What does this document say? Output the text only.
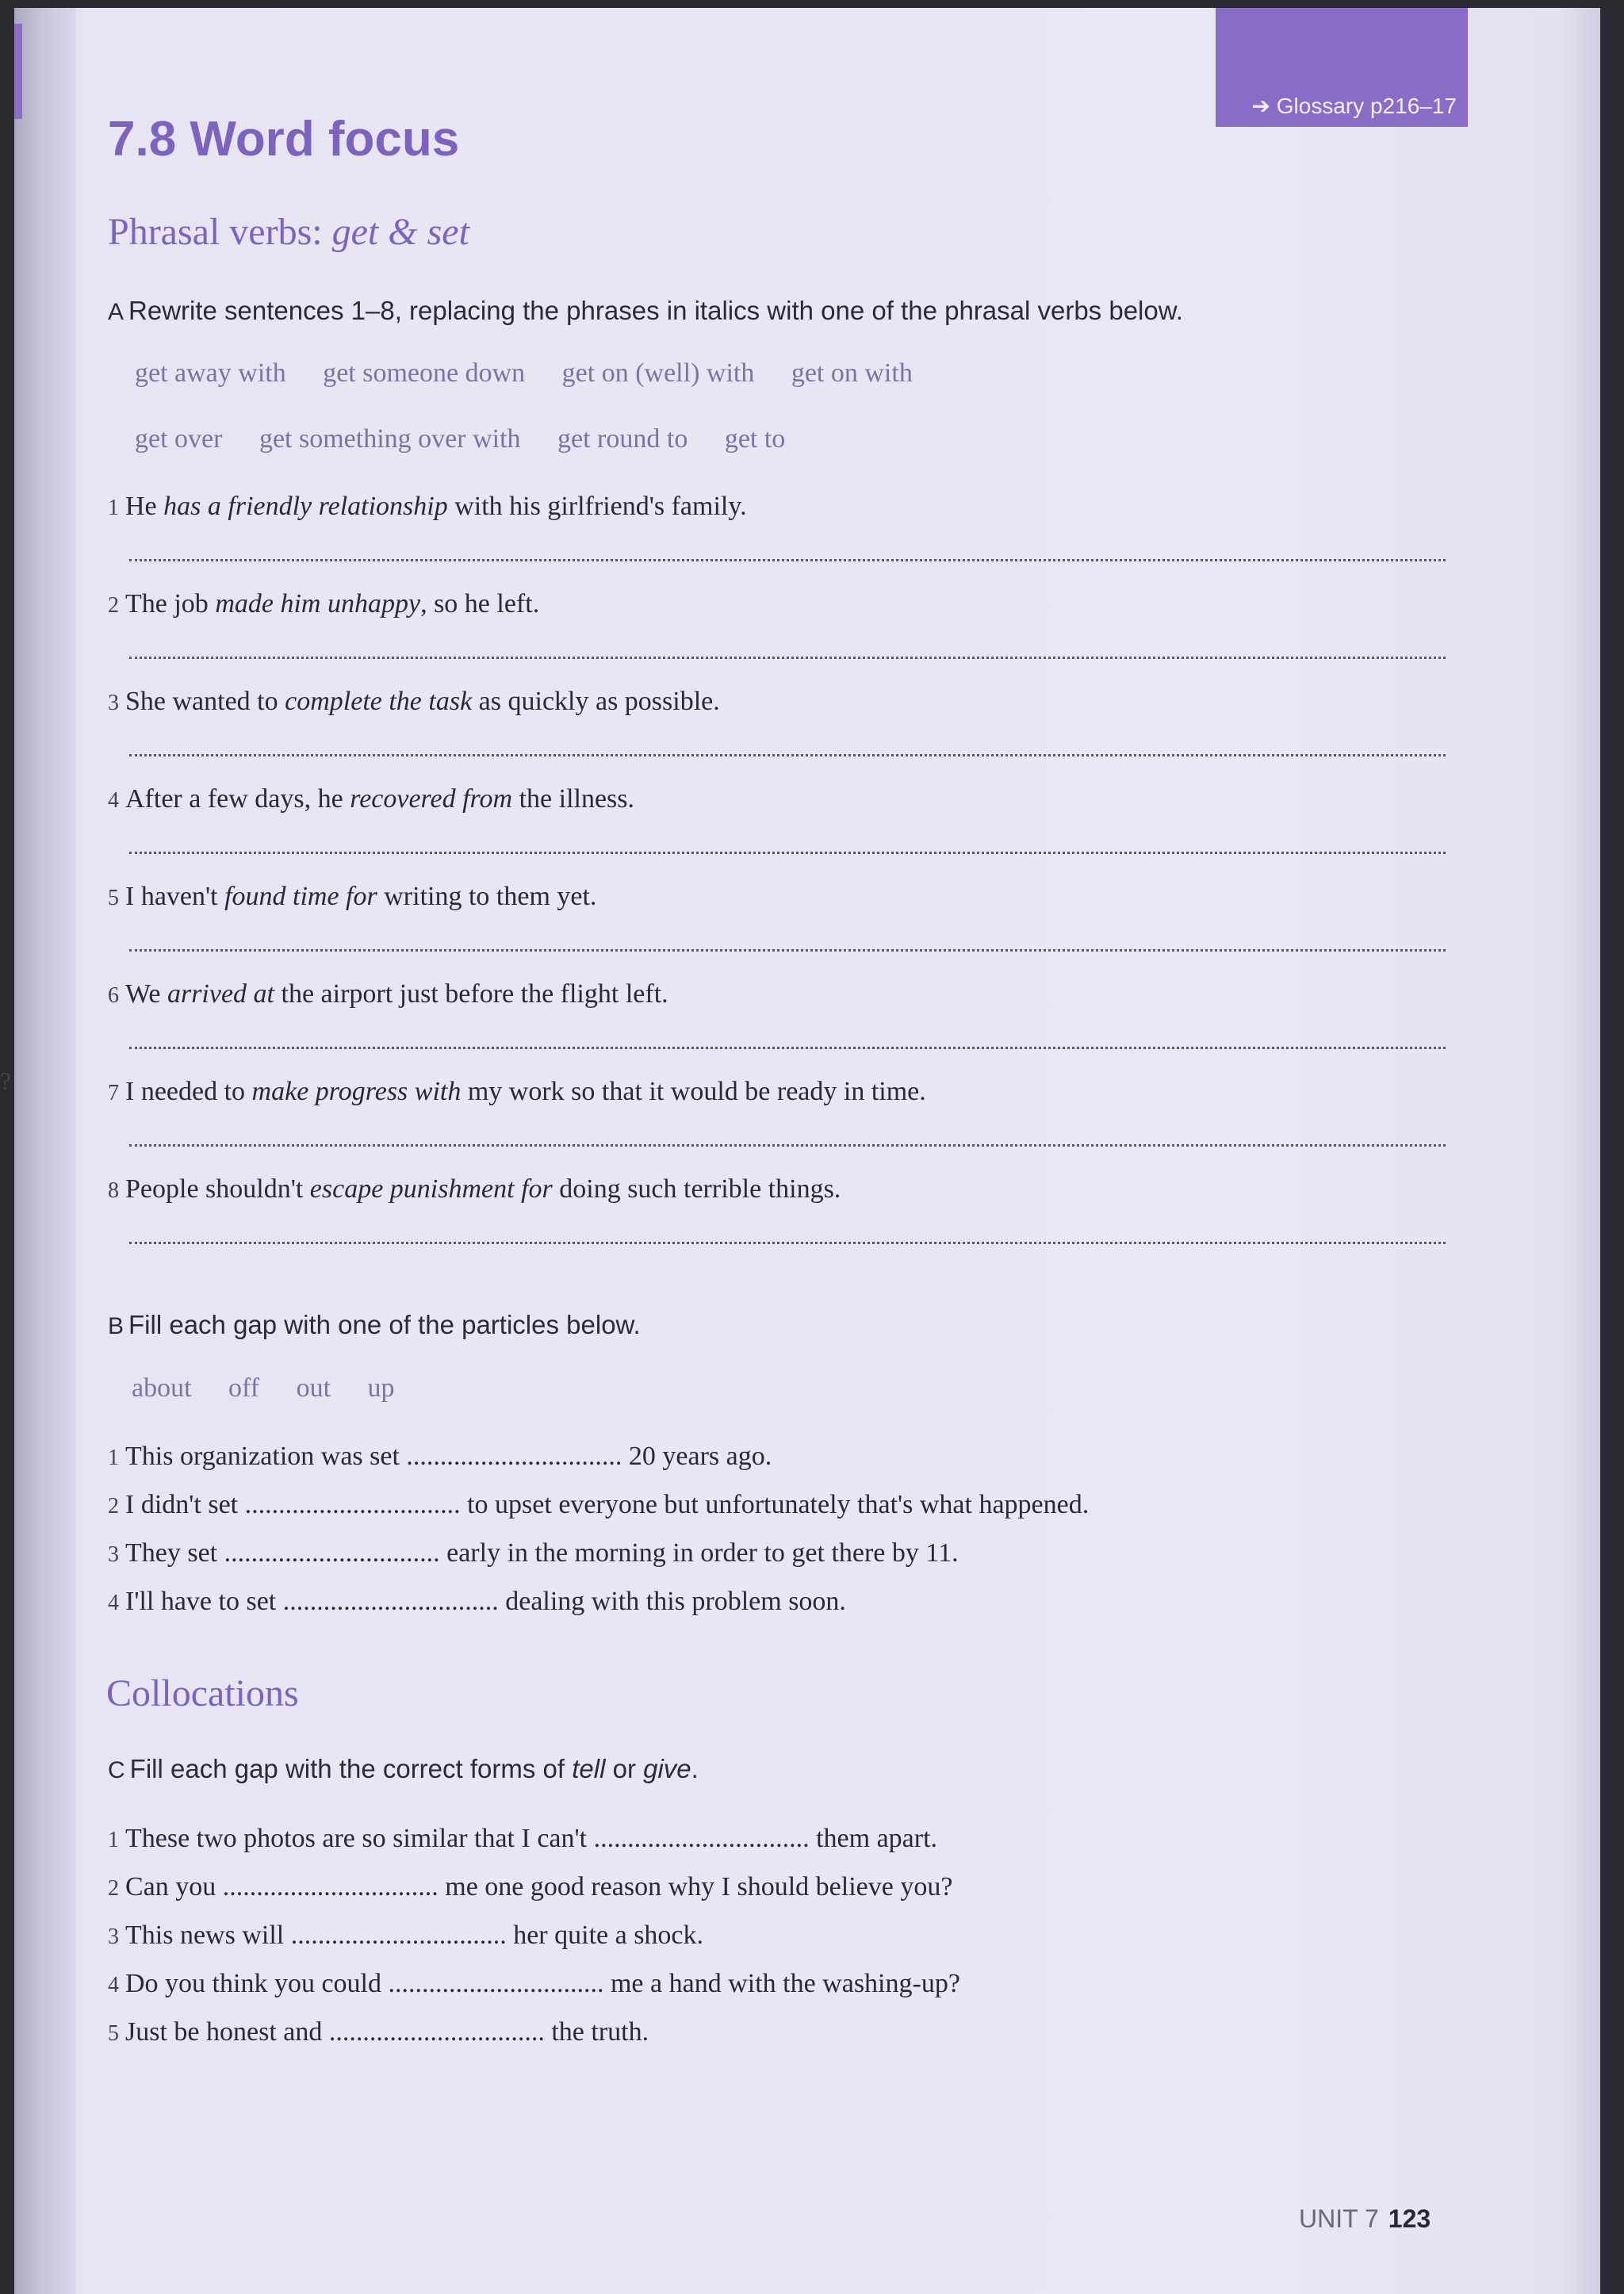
➔ Glossary p216–17
7.8 Word focus
Phrasal verbs: get & set
A Rewrite sentences 1–8, replacing the phrases in italics with one of the phrasal verbs below.
get away with get someone down get on (well) with get on with
get over get something over with get round to get to
1 He has a friendly relationship with his girlfriend's family.
2 The job made him unhappy, so he left.
3 She wanted to complete the task as quickly as possible.
4 After a few days, he recovered from the illness.
5 I haven't found time for writing to them yet.
6 We arrived at the airport just before the flight left.
7 I needed to make progress with my work so that it would be ready in time.
8 People shouldn't escape punishment for doing such terrible things.
B Fill each gap with one of the particles below.
about off out up
1 This organization was set ................................ 20 years ago.
2 I didn't set ................................ to upset everyone but unfortunately that's what happened.
3 They set ................................ early in the morning in order to get there by 11.
4 I'll have to set ................................ dealing with this problem soon.
Collocations
C Fill each gap with the correct forms of tell or give.
1 These two photos are so similar that I can't ................................ them apart.
2 Can you ................................ me one good reason why I should believe you?
3 This news will ................................ her quite a shock.
4 Do you think you could ................................ me a hand with the washing-up?
5 Just be honest and ................................ the truth.
UNIT 7 123
?
